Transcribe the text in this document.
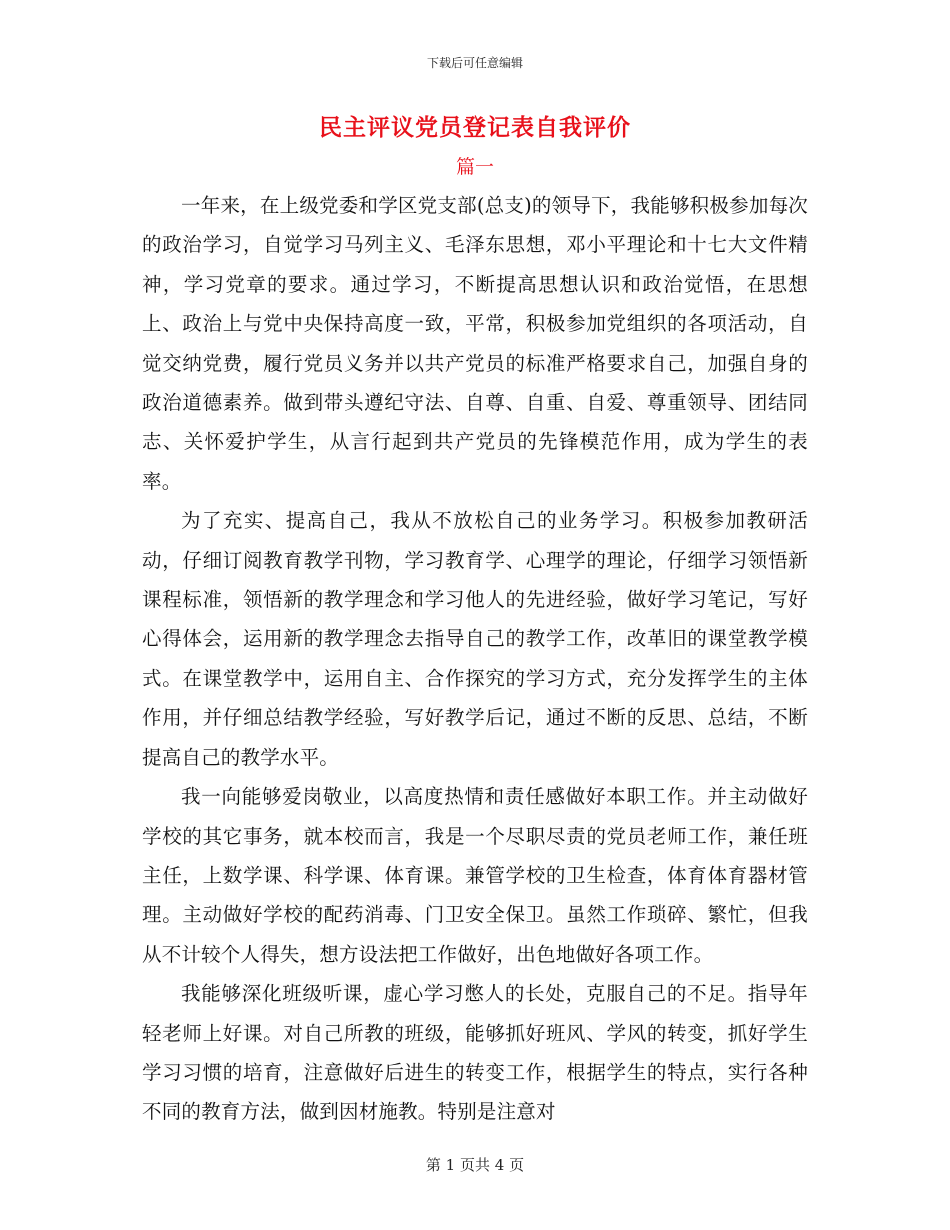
下载后可任意编辑
民主评议党员登记表自我评价
篇一

一年来，在上级党委和学区党支部(总支)的领导下，我能够积极参加每次的政治学习，自觉学习马列主义、毛泽东思想，邓小平理论和十七大文件精神，学习党章的要求。通过学习，不断提高思想认识和政治觉悟，在思想上、政治上与党中央保持高度一致，平常，积极参加党组织的各项活动，自觉交纳党费，履行党员义务并以共产党员的标准严格要求自己，加强自身的政治道德素养。做到带头遵纪守法、自尊、自重、自爱、尊重领导、团结同志、关怀爱护学生，从言行起到共产党员的先锋模范作用，成为学生的表率。

为了充实、提高自己，我从不放松自己的业务学习。积极参加教研活动，仔细订阅教育教学刊物，学习教育学、心理学的理论，仔细学习领悟新课程标准，领悟新的教学理念和学习他人的先进经验，做好学习笔记，写好心得体会，运用新的教学理念去指导自己的教学工作，改革旧的课堂教学模式。在课堂教学中，运用自主、合作探究的学习方式，充分发挥学生的主体作用，并仔细总结教学经验，写好教学后记，通过不断的反思、总结，不断提高自己的教学水平。

我一向能够爱岗敬业，以高度热情和责任感做好本职工作。并主动做好学校的其它事务，就本校而言，我是一个尽职尽责的党员老师工作，兼任班主任，上数学课、科学课、体育课。兼管学校的卫生检查，体育体育器材管理。主动做好学校的配药消毒、门卫安全保卫。虽然工作琐碎、繁忙，但我从不计较个人得失，想方设法把工作做好，出色地做好各项工作。

我能够深化班级听课，虚心学习憋人的长处，克服自己的不足。指导年轻老师上好课。对自己所教的班级，能够抓好班风、学风的转变，抓好学生学习习惯的培育，注意做好后进生的转变工作，根据学生的特点，实行各种不同的教育方法，做到因材施教。特别是注意对

第 1 页共 4 页
